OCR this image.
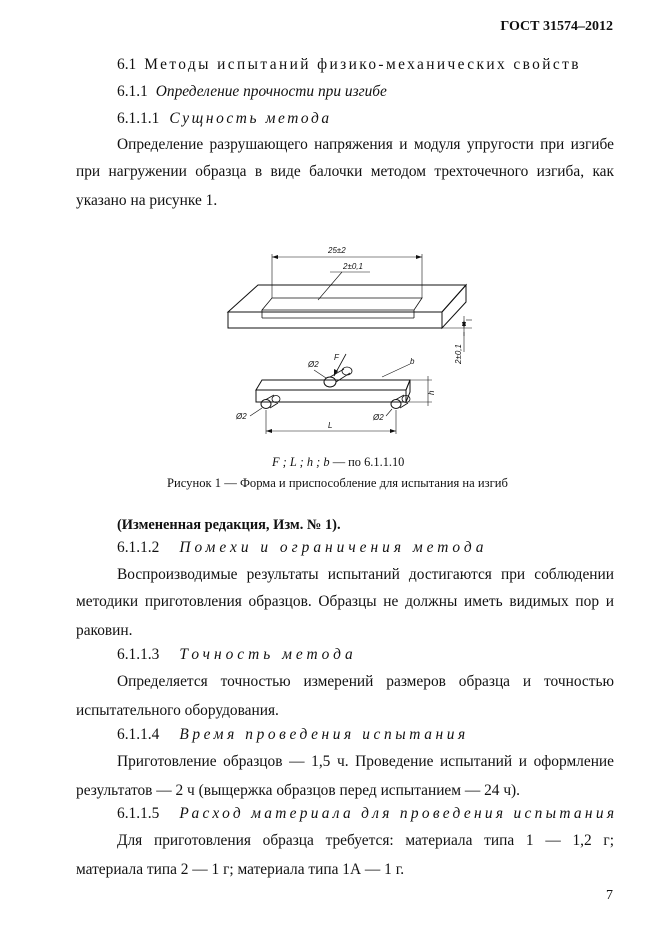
ГОСТ 31574–2012
6.1 Методы испытаний физико-механических свойств
6.1.1 Определение прочности при изгибе
6.1.1.1 Сущность метода
Определение разрушающего напряжения и модуля упругости при изгибе
при нагружении образца в виде балочки методом трехточечного изгиба, как
указано на рисунке 1.
25±2
2±0,1
2±0,1
F
Ø2	b
h
Ø2	Ø2
L
F ; L ; h ; b — по 6.1.1.10
Рисунок 1 — Форма и приспособление для испытания на изгиб
(Измененная редакция, Изм. № 1).
6.1.1.2 Помехи и ограничения метода
Воспроизводимые результаты испытаний достигаются при соблюдении
методики приготовления образцов. Образцы не должны иметь видимых пор и
раковин.
6.1.1.3 Точность метода
Определяется точностью измерений размеров образца и точностью
испытательного оборудования.
6.1.1.4 Время проведения испытания
Приготовление образцов — 1,5 ч. Проведение испытаний и оформление
результатов — 2 ч (выщержка образцов перед испытанием — 24 ч).
6.1.1.5 Расход материала для проведения испытания
Для приготовления образца требуется: материала типа 1 — 1,2 г;
материала типа 2 — 1 г; материала типа 1А — 1 г.
7
